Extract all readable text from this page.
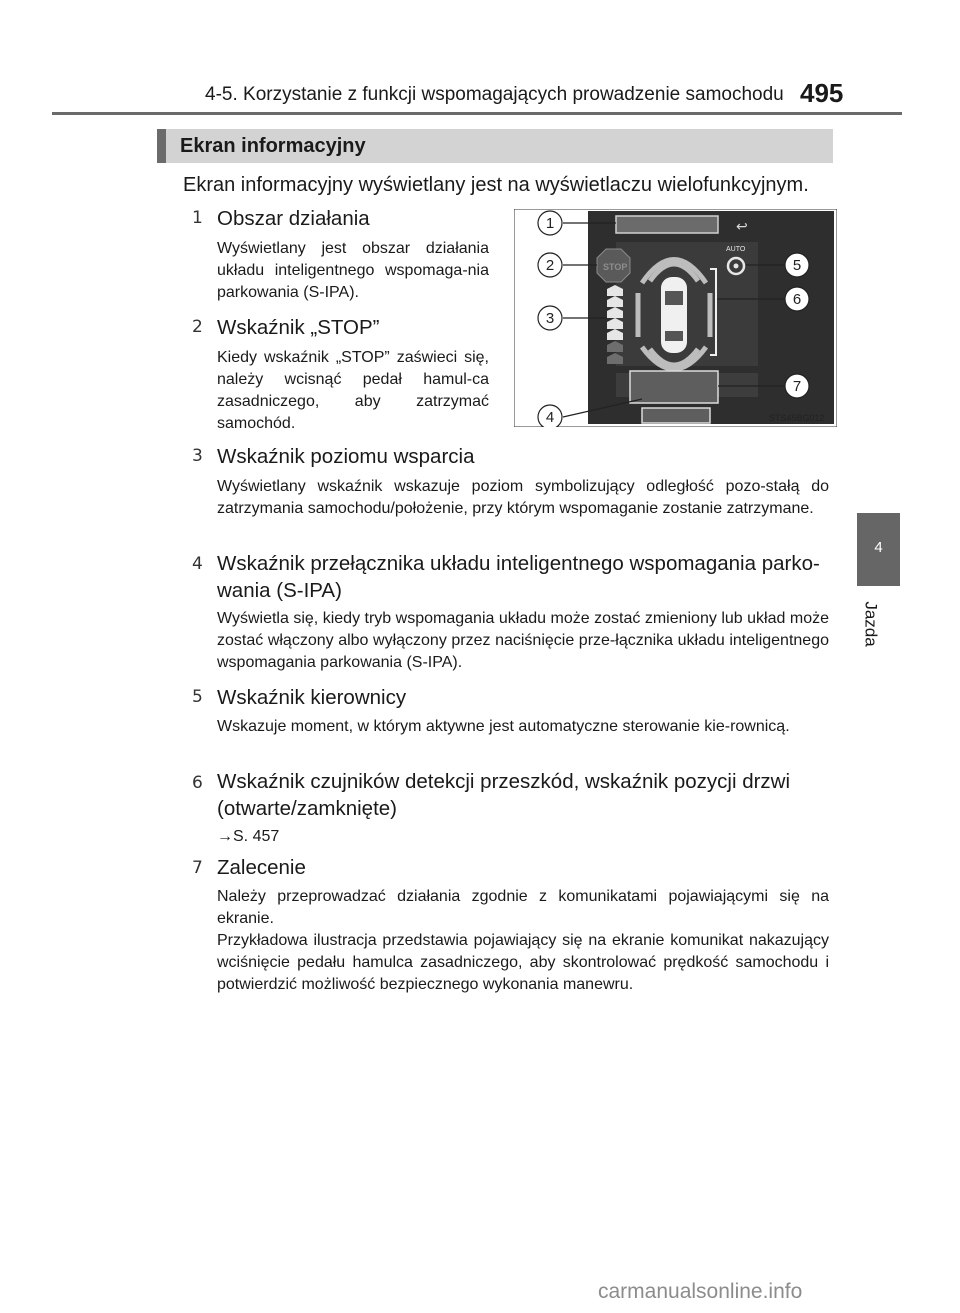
4-5. Korzystanie z funkcji wspomagających prowadzenie samochodu 495
Ekran informacyjny
Ekran informacyjny wyświetlany jest na wyświetlaczu wielofunkcyjnym.
4
Jazda
↩
STOP
AUTO
1
2
3
4
5
6
7
STS45BG012
1 Obszar działania

Wyświetlany jest obszar działania układu inteligentnego wspomaga-nia parkowania (S-IPA).

2 Wskaźnik „STOP”

Kiedy wskaźnik „STOP” zaświeci się, należy wcisnąć pedał hamul-ca zasadniczego, aby zatrzymać samochód.

3 Wskaźnik poziomu wsparcia

Wyświetlany wskaźnik wskazuje poziom symbolizujący odległość pozo-stałą do zatrzymania samochodu/położenie, przy którym wspomaganie zostanie zatrzymane.

4 Wskaźnik przełącznika układu inteligentnego wspomagania parko-wania (S-IPA)

Wyświetla się, kiedy tryb wspomagania układu może zostać zmieniony lub układ może zostać włączony albo wyłączony przez naciśnięcie prze-łącznika układu inteligentnego wspomagania parkowania (S-IPA).

5 Wskaźnik kierownicy

Wskazuje moment, w którym aktywne jest automatyczne sterowanie kie-rownicą.

6 Wskaźnik czujników detekcji przeszkód, wskaźnik pozycji drzwi (otwarte/zamknięte)

→S. 457

7 Zalecenie

Należy przeprowadzać działania zgodnie z komunikatami pojawiającymi się na ekranie.

Przykładowa ilustracja przedstawia pojawiający się na ekranie komunikat nakazujący wciśnięcie pedału hamulca zasadniczego, aby skontrolować prędkość samochodu i potwierdzić możliwość bezpiecznego wykonania manewru.

carmanualsonline.info
